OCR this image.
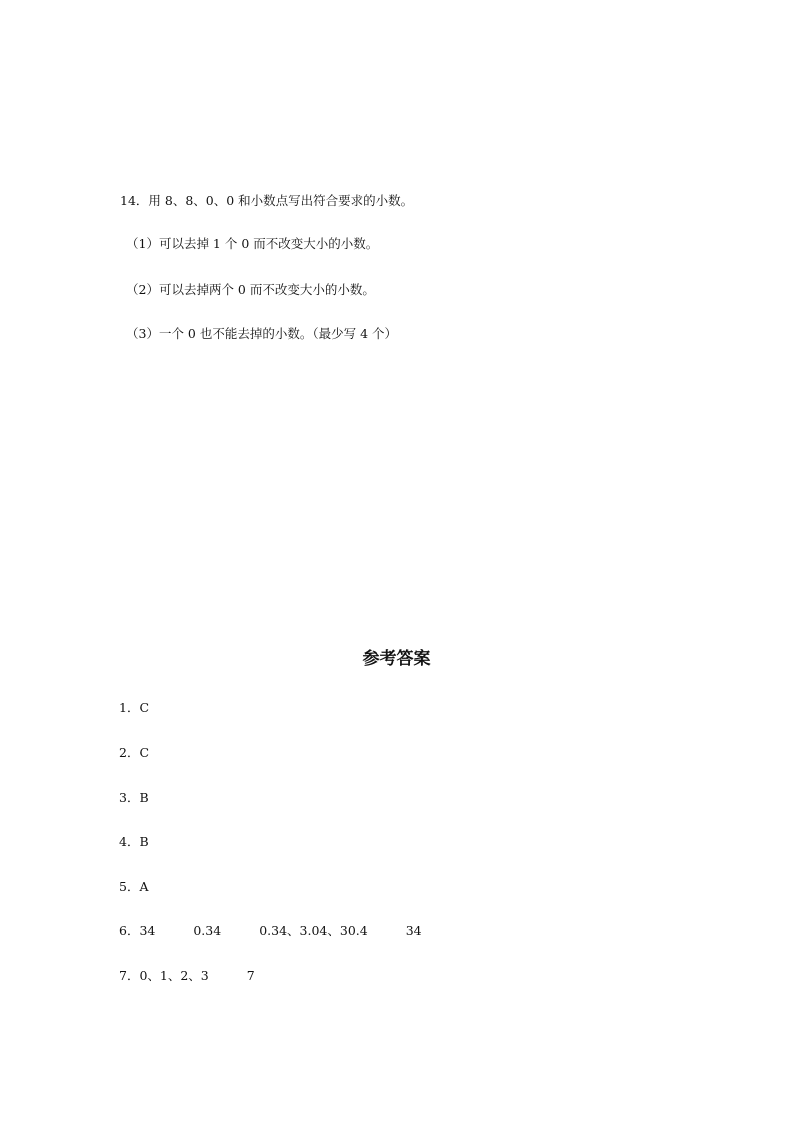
14．用 8、8、0、0 和小数点写出符合要求的小数。
（1）可以去掉 1 个 0 而不改变大小的小数。
（2）可以去掉两个 0 而不改变大小的小数。
（3）一个 0 也不能去掉的小数。（最少写 4 个）
参考答案
1．C
2．C
3．B
4．B
5．A
6．34	0.34	0.34、3.04、30.4	34
7．0、1、2、3	7
